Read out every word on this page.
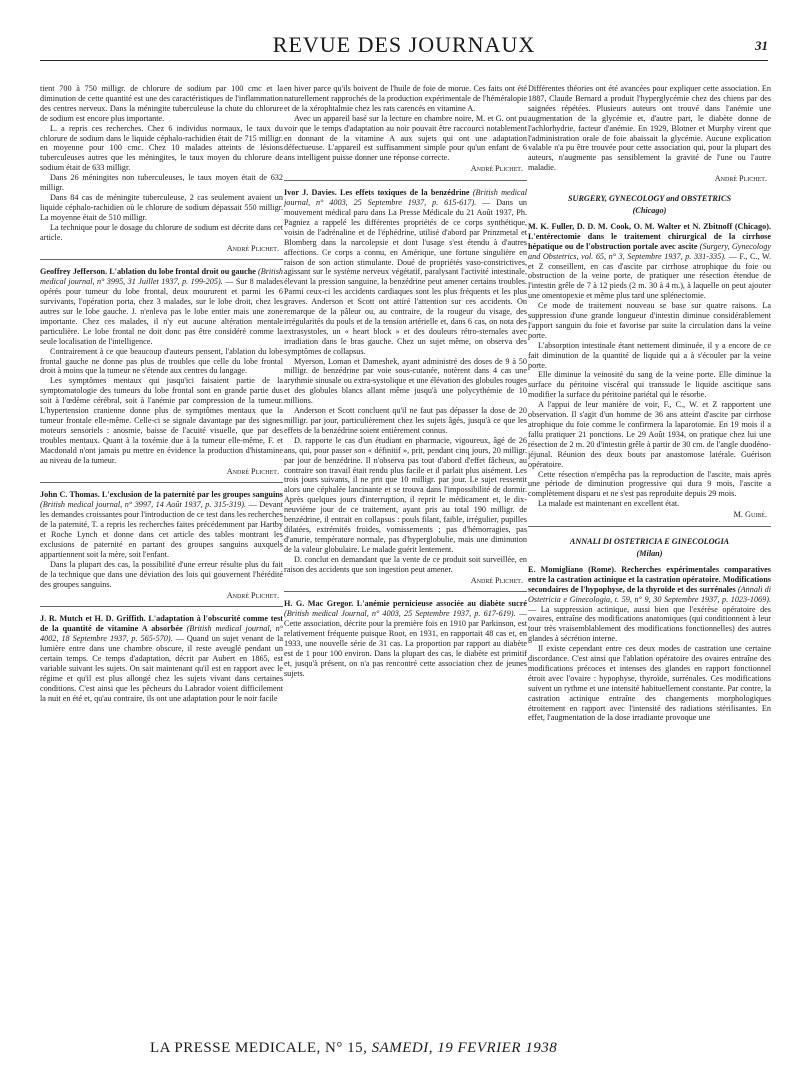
REVUE DES JOURNAUX	31

tient 700 à 750 milligr. de chlorure de sodium par 100 cmc et la diminution de cette quantité est une des caractéristiques de l'inflammation des centres nerveux. Dans la méningite tuberculeuse la chute du chlorure de sodium est encore plus importante.

L. a repris ces recherches. Chez 6 individus normaux, le taux du chlorure de sodium dans le liquide céphalo-rachidien était de 715 milligr. en moyenne pour 100 cmc. Chez 10 malades atteints de lésions tuberculeuses autres que les méningites, le taux moyen du chlorure de sodium était de 633 milligr.

Dans 26 méningites non tuberculeuses, le taux moyen était de 632 milligr.

Dans 84 cas de méningite tuberculeuse, 2 cas seulement avaient un liquide céphalo-rachidien où le chlorure de sodium dépassait 550 milligr. La moyenne était de 510 milligr.

La technique pour le dosage du chlorure de sodium est décrite dans cet article.

André Plichet.

Geoffrey Jefferson. L'ablation du lobe frontal droit ou gauche (British medical journal, n° 3995, 31 Juillet 1937, p. 199-205). — Sur 8 malades opérés pour tumeur du lobe frontal, deux moururent et parmi les 6 survivants, l'opération porta, chez 3 malades, sur le lobe droit, chez les autres sur le lobe gauche. J. n'enleva pas le lobe entier mais une zone importante. Chez ces malades, il n'y eut aucune altération mentale particulière. Le lobe frontal ne doit donc pas être considéré comme la seule localisation de l'intelligence.

Contrairement à ce que beaucoup d'auteurs pensent, l'ablation du lobe frontal gauche ne donne pas plus de troubles que celle du lobe frontal droit à moins que la tumeur ne s'étende aux centres du langage.

Les symptômes mentaux qui jusqu'ici faisaient partie de la symptomatologie des tumeurs du lobe frontal sont en grande partie dus soit à l'œdème cérébral, soit à l'anémie par compression de la tumeur. L'hypertension cranienne donne plus de symptômes mentaux que la tumeur frontale elle-même. Celle-ci se signale davantage par des signes moteurs sensoriels : anosmie, baisse de l'acuité visuelle, que par des troubles mentaux. Quant à la toxémie due à la tumeur elle-même, F. et Macdonald n'ont jamais pu mettre en évidence la production d'histamine au niveau de la tumeur.

André Plichet.

John C. Thomas. L'exclusion de la paternité par les groupes sanguins (British medical journal, n° 3997, 14 Août 1937, p. 315-319). — Devant les demandes croissantes pour l'introduction de ce test dans les recherches de la paternité, T. a repris les recherches faites précédemment par Hartby et Roche Lynch et donne dans cet article des tables montrant les exclusions de paternité en partant des groupes sanguins auxquels appartiennent soit la mère, soit l'enfant.

Dans la plupart des cas, la possibilité d'une erreur résulte plus du fait de la technique que dans une déviation des lois qui gouvernent l'hérédité des groupes sanguins.

André Plichet.

J. R. Mutch et H. D. Griffith. L'adaptation à l'obscurité comme test de la quantité de vitamine A absorbée (British medical journal, n° 4002, 18 Septembre 1937, p. 565-570). — Quand un sujet venant de la lumière entre dans une chambre obscure, il reste aveuglé pendant un certain temps. Ce temps d'adaptation, décrit par Aubert en 1865, est variable suivant les sujets. On sait maintenant qu'il est en rapport avec le régime et qu'il est plus allongé chez les sujets vivant dans certaines conditions. C'est ainsi que les pêcheurs du Labrador voient difficilement la nuit en été et, qu'au contraire, ils ont une adaptation pour le noir facile

en hiver parce qu'ils boivent de l'huile de foie de morue. Ces faits ont été naturellement rapprochés de la production expérimentale de l'héméralopie et de la xérophtalmie chez les rats carencés en vitamine A.

Avec un appareil basé sur la lecture en chambre noire, M. et G. ont pu voir que le temps d'adaptation au noir pouvait être raccourci notablement en donnant de la vitamine A aux sujets qui ont une adaptation défectueuse. L'appareil est suffisamment simple pour qu'un enfant de 6 ans intelligent puisse donner une réponse correcte.

André Plichet.

Ivor J. Davies. Les effets toxiques de la benzédrine (British medical journal, n° 4003, 25 Septembre 1937, p. 615-617). — Dans un mouvement médical paru dans La Presse Médicale du 21 Août 1937, Ph. Pagniez a rappelé les différentes propriétés de ce corps synthétique, voisin de l'adrénaline et de l'éphédrine, utilisé d'abord par Prinzmetal et Blomberg dans la narcolepsie et dont l'usage s'est étendu à d'autres affections. Ce corps a connu, en Amérique, une fortune singulière en raison de son action stimulante. Doué de propriétés vaso-constrictives, agissant sur le système nerveux végétatif, paralysant l'activité intestinale, élevant la pression sanguine, la benzédrine peut amener certains troubles. Parmi ceux-ci les accidents cardiaques sont les plus fréquents et les plus graves. Anderson et Scott ont attiré l'attention sur ces accidents. On remarque de la pâleur ou, au contraire, de la rougeur du visage, des irrégularités du pouls et de la tension artérielle et, dans 6 cas, on nota des extrasystoles, un « heart block » et des douleurs rétro-sternales avec irradiation dans le bras gauche. Chez un sujet même, on observa des symptômes de collapsus.

Myerson, Loman et Dameshek, ayant administré des doses de 9 à 50 milligr. de benzédrine par voie sous-cutanée, notèrent dans 4 cas une arythmie sinusale ou extra-systolique et une élévation des globules rouges et des globules blancs allant même jusqu'à une polycythémie de 10 millions.

Anderson et Scott concluent qu'il ne faut pas dépasser la dose de 20 milligr. par jour, particulièrement chez les sujets âgés, jusqu'à ce que les effets de la benzédrine soient entièrement connus.

D. rapporte le cas d'un étudiant en pharmacie, vigoureux, âgé de 26 ans, qui, pour passer son « définitif », prit, pendant cinq jours, 20 milligr. par jour de benzédrine. Il n'observa pas tout d'abord d'effet fâcheux, au contraire son travail était rendu plus facile et il parlait plus aisément. Les trois jours suivants, il ne prit que 10 milligr. par jour. Le sujet ressentit alors une céphalée lancinante et se trouva dans l'impossibilité de dormir. Après quelques jours d'interruption, il reprit le médicament et, le dix-neuvième jour de ce traitement, ayant pris au total 190 milligr. de benzédrine, il entrait en collapsus : pouls filant, faible, irrégulier, pupilles dilatées, extrémités froides, vomissements ; pas d'hémorragies, pas d'anurie, température normale, pas d'hyperglobulie, mais une diminution de la valeur globulaire. Le malade guérit lentement.

D. conclut en demandant que la vente de ce produit soit surveillée, en raison des accidents que son ingestion peut amener.

André Plichet.

H. G. Mac Gregor. L'anémie pernicieuse associée au diabète sucré (British medical Journal, n° 4003, 25 Septembre 1937, p. 617-619). — Cette association, décrite pour la première fois en 1910 par Parkinson, est relativement fréquente puisque Root, en 1931, en rapportait 48 cas et, en 1933, une nouvelle série de 31 cas. La proportion par rapport au diabète est de 1 pour 100 environ. Dans la plupart des cas, le diabète est primitif et, jusqu'à présent, on n'a pas rencontré cette association chez de jeunes sujets.

Différentes théories ont été avancées pour expliquer cette association. En 1887, Claude Bernard a produit l'hyperglycémie chez des chiens par des saignées répétées. Plusieurs auteurs ont trouvé dans l'anémie une augmentation de la glycémie et, d'autre part, le diabète donne de l'achlorhydrie, facteur d'anémie. En 1929, Blotner et Murphy virent que l'administration orale de foie abaissait la glycémie. Aucune explication valable n'a pu être trouvée pour cette association qui, pour la plupart des auteurs, n'augmente pas sensiblement la gravité de l'une ou l'autre maladie.

André Plichet.
SURGERY, GYNECOLOGY and OBSTETRICS
(Chicago)

M. K. Fuller, D. D. M. Cook, O. M. Walter et N. Zbitnoff (Chicago). L'entérectomie dans le traitement chirurgical de la cirrhose hépatique ou de l'obstruction portale avec ascite (Surgery, Gynecology and Obstetrics, vol. 65, n° 3, Septembre 1937, p. 331-335). — F., C., W. et Z conseillent, en cas d'ascite par cirrhose atrophique du foie ou obstruction de la veine porte, de pratiquer une résection étendue de l'intestin grêle de 7 à 12 pieds (2 m. 30 à 4 m.), à laquelle on peut ajouter une omentopexie et même plus tard une splénectomie.

Ce mode de traitement nouveau se base sur quatre raisons. La suppression d'une grande longueur d'intestin diminue considérablement l'apport sanguin du foie et favorise par suite la circulation dans la veine porte.

L'absorption intestinale étant nettement diminuée, il y a encore de ce fait diminution de la quantité de liquide qui a à s'écouler par la veine porte.

Elle diminue la veinosité du sang de la veine porte. Elle diminue la surface du péritoine viscéral qui transsude le liquide ascitique sans modifier la surface du péritoine pariétal qui le résorbe.

A l'appui de leur manière de voir, F., C., W. et Z rapportent une observation. Il s'agit d'un homme de 36 ans atteint d'ascite par cirrhose atrophique du foie comme le confirmera la laparotomie. En 19 mois il a fallu pratiquer 21 ponctions. Le 29 Août 1934, on pratique chez lui une résection de 2 m. 20 d'intestin grêle à partir de 30 cm. de l'angle duodéno-jéjunal. Réunion des deux bouts par anastomose latérale. Guérison opératoire.

Cette résection n'empêcha pas la reproduction de l'ascite, mais après une période de diminution progressive qui dura 9 mois, l'ascite a complètement disparu et ne s'est pas reproduite depuis 29 mois.

La malade est maintenant en excellent état.

M. Guibé.
ANNALI DI OSTETRICIA E GINECOLOGIA
(Milan)

E. Momigliano (Rome). Recherches expérimentales comparatives entre la castration actinique et la castration opératoire. Modifications secondaires de l'hypophyse, de la thyroïde et des surrénales (Annali di Ostetricia e Ginecologia, t. 59, n° 9, 30 Septembre 1937, p. 1023-1069). — La suppression actinique, aussi bien que l'exérèse opératoire des ovaires, entraîne des modifications anatomiques (qui conditionnent à leur tour très vraisemblablement des modifications fonctionnelles) des autres glandes à sécrétion interne.

Il existe cependant entre ces deux modes de castration une certaine discordance. C'est ainsi que l'ablation opératoire des ovaires entraîne des modifications précoces et intenses des glandes en rapport fonctionnel étroit avec l'ovaire : hypophyse, thyroïde, surrénales. Ces modifications suivent un rythme et une intensité habituellement constante. Par contre, la castration actinique entraîne des changements morphologiques étroitement en rapport avec l'intensité des radiations stérilisantes. En effet, l'augmentation de la dose irradiante provoque une

LA PRESSE MEDICALE, N° 15, SAMEDI, 19 FEVRIER 1938
